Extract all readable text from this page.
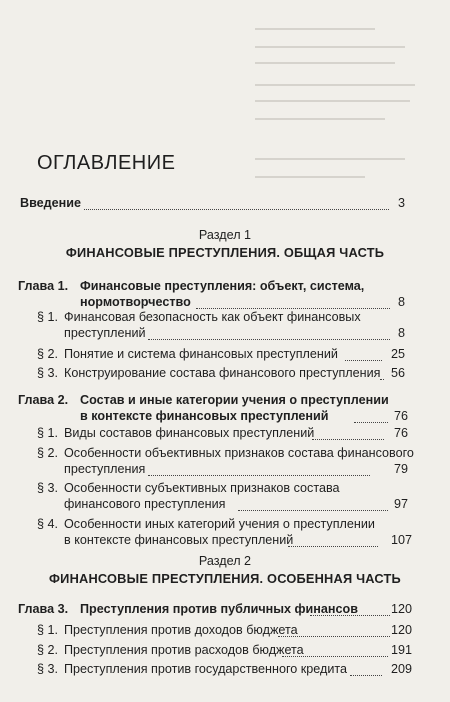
ОГЛАВЛЕНИЕ
Введение	3
Раздел 1
ФИНАНСОВЫЕ ПРЕСТУПЛЕНИЯ. ОБЩАЯ ЧАСТЬ
Глава 1. Финансовые преступления: объект, система,
нормотворчество	8
§ 1. Финансовая безопасность как объект финансовых
преступлений	8
§ 2. Понятие и система финансовых преступлений	25
§ 3. Конструирование состава финансового преступления 56
Глава 2. Состав и иные категории учения о преступлении
в контексте финансовых преступлений	76
§ 1. Виды составов финансовых преступлений	76
§ 2. Особенности объективных признаков состава финансового
преступления	79
§ 3. Особенности субъективных признаков состава
финансового преступления	97
§ 4. Особенности иных категорий учения о преступлении
в контексте финансовых преступлений	107
Раздел 2
ФИНАНСОВЫЕ ПРЕСТУПЛЕНИЯ. ОСОБЕННАЯ ЧАСТЬ
Глава 3. Преступления против публичных финансов	120
§ 1. Преступления против доходов бюджета	120
§ 2. Преступления против расходов бюджета	191
§ 3. Преступления против государственного кредита	209
